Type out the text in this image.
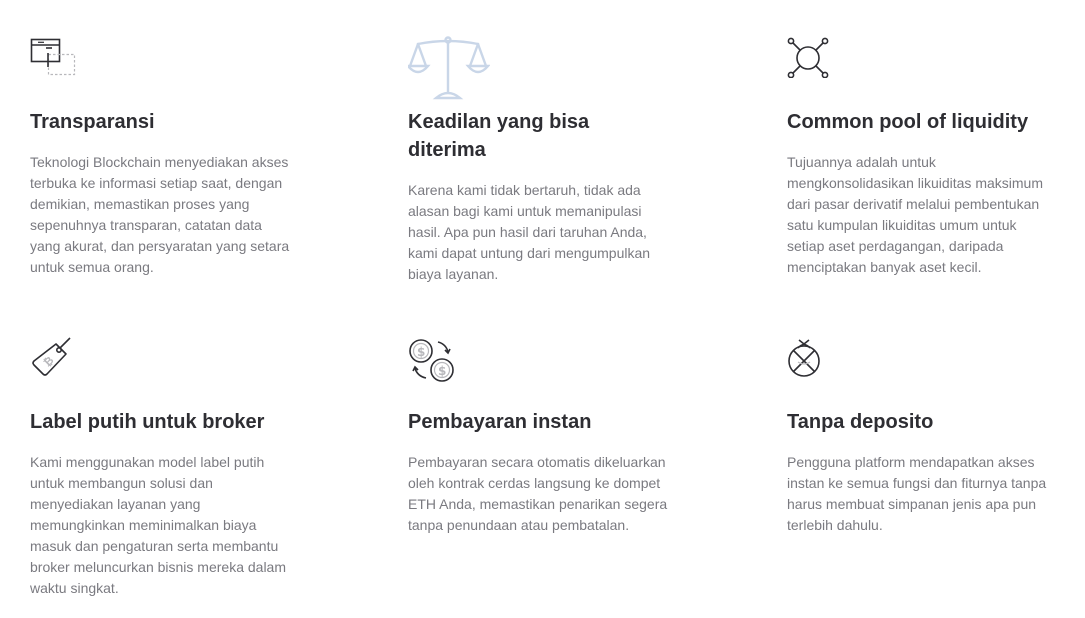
Transparansi

Teknologi Blockchain menyediakan akses terbuka ke informasi setiap saat, dengan demikian, memastikan proses yang sepenuhnya transparan, catatan data yang akurat, dan persyaratan yang setara untuk semua orang.

Keadilan yang bisa diterima

Karena kami tidak bertaruh, tidak ada alasan bagi kami untuk memanipulasi hasil. Apa pun hasil dari taruhan Anda, kami dapat untung dari mengumpulkan biaya layanan.

Common pool of liquidity

Tujuannya adalah untuk mengkonsolidasikan likuiditas maksimum dari pasar derivatif melalui pembentukan satu kumpulan likuiditas umum untuk setiap aset perdagangan, daripada menciptakan banyak aset kecil.

₿
Label putih untuk broker

Kami menggunakan model label putih untuk membangun solusi dan menyediakan layanan yang memungkinkan meminimalkan biaya masuk dan pengaturan serta membantu broker meluncurkan bisnis mereka dalam waktu singkat.

$
$
Pembayaran instan

Pembayaran secara otomatis dikeluarkan oleh kontrak cerdas langsung ke dompet ETH Anda, memastikan penarikan segera tanpa penundaan atau pembatalan.

Tanpa deposito

Pengguna platform mendapatkan akses instan ke semua fungsi dan fiturnya tanpa harus membuat simpanan jenis apa pun terlebih dahulu.
